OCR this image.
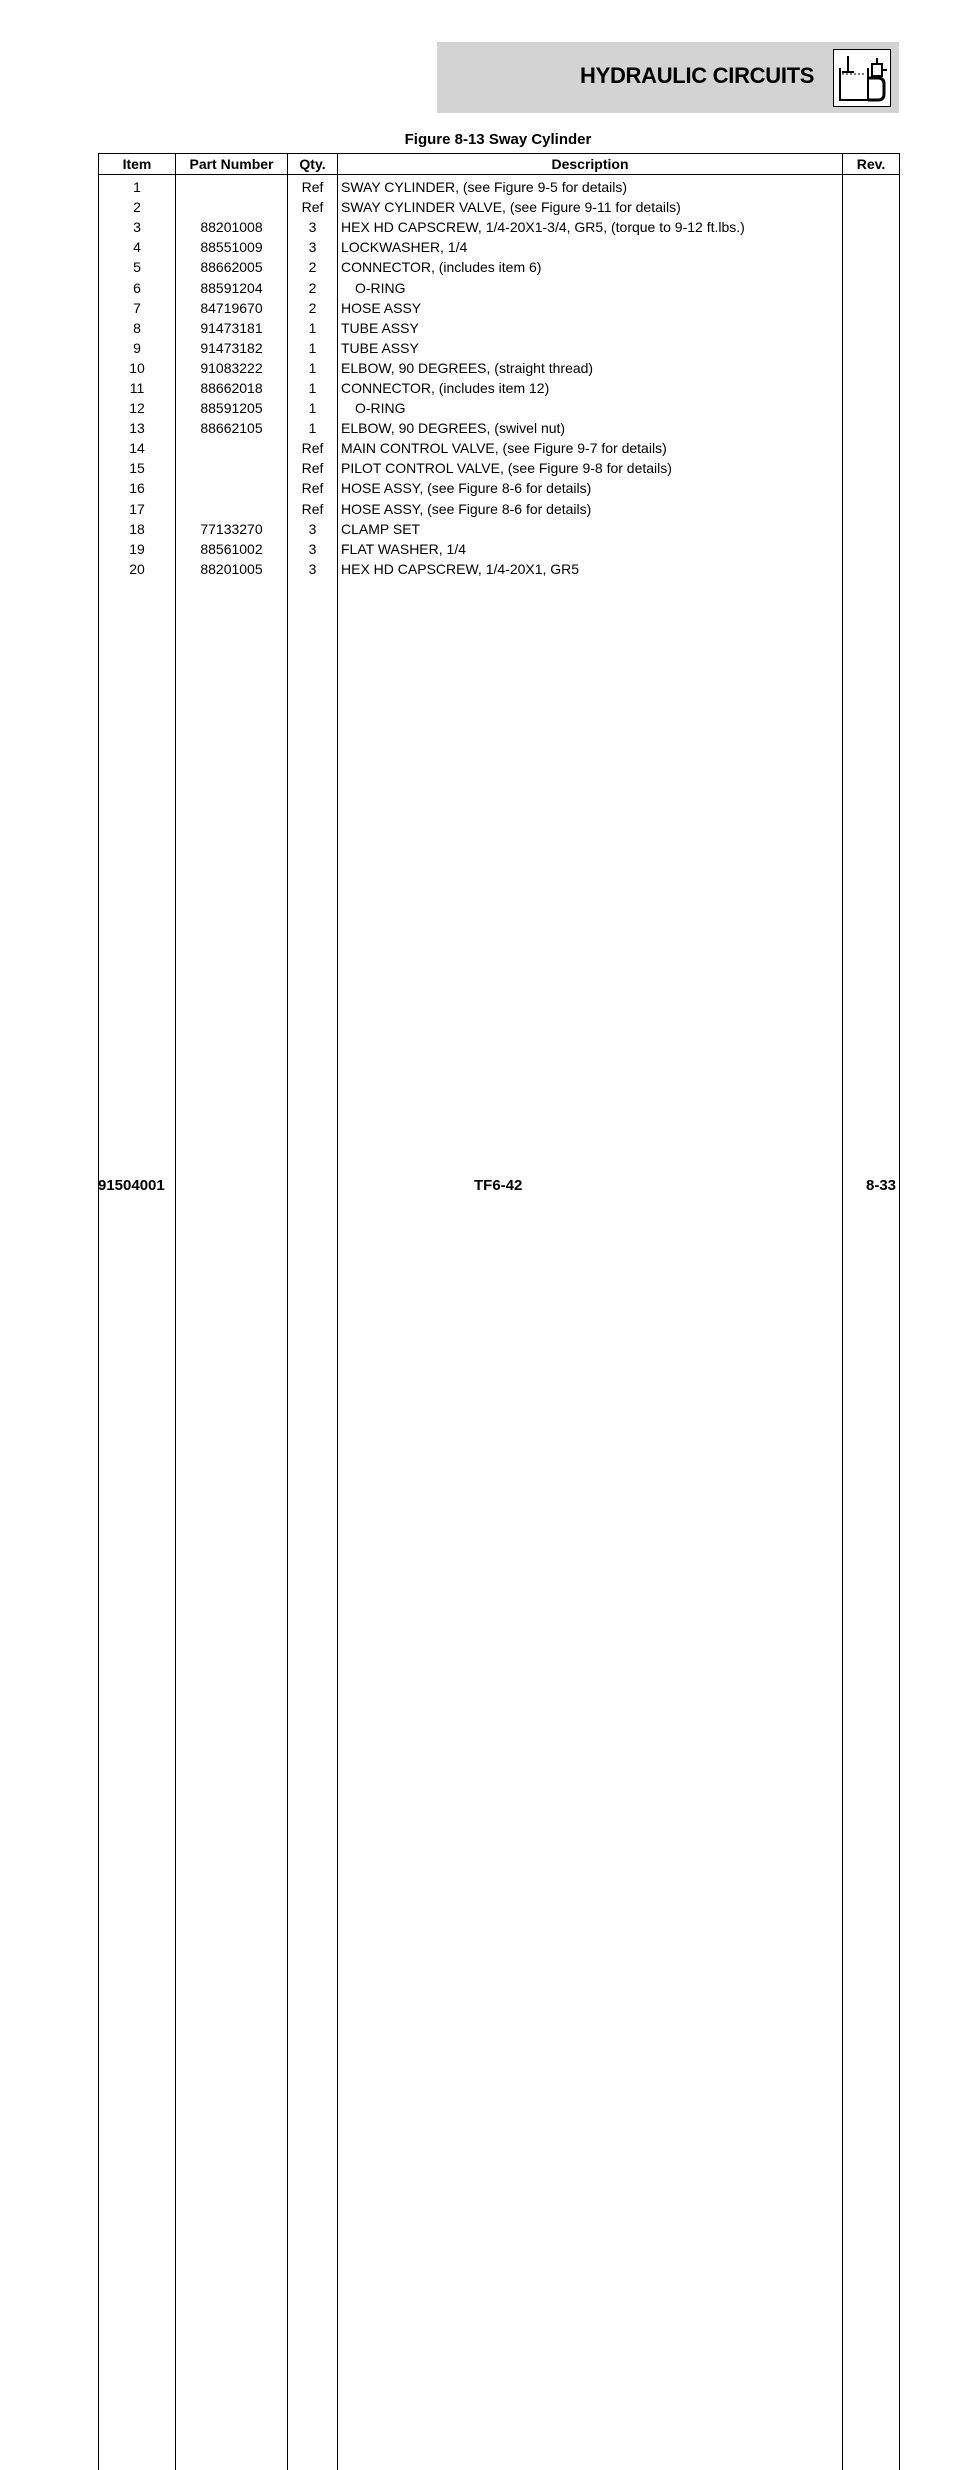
HYDRAULIC CIRCUITS
Figure 8-13 Sway Cylinder
Item	Part Number	Qty.	Description	Rev.
1		Ref	SWAY CYLINDER, (see Figure 9-5 for details)	
2		Ref	SWAY CYLINDER VALVE, (see Figure 9-11 for details)	
3	88201008	3	HEX HD CAPSCREW, 1/4-20X1-3/4, GR5, (torque to 9-12 ft.lbs.)	
4	88551009	3	LOCKWASHER, 1/4	
5	88662005	2	CONNECTOR, (includes item 6)	
6	88591204	2	O-RING	
7	84719670	2	HOSE ASSY	
8	91473181	1	TUBE ASSY	
9	91473182	1	TUBE ASSY	
10	91083222	1	ELBOW, 90 DEGREES, (straight thread)	
11	88662018	1	CONNECTOR, (includes item 12)	
12	88591205	1	O-RING	
13	88662105	1	ELBOW, 90 DEGREES, (swivel nut)	
14		Ref	MAIN CONTROL VALVE, (see Figure 9-7 for details)	
15		Ref	PILOT CONTROL VALVE, (see Figure 9-8 for details)	
16		Ref	HOSE ASSY, (see Figure 8-6 for details)	
17		Ref	HOSE ASSY, (see Figure 8-6 for details)	
18	77133270	3	CLAMP SET	
19	88561002	3	FLAT WASHER, 1/4	
20	88201005	3	HEX HD CAPSCREW, 1/4-20X1, GR5	

91504001	TF6-42	8-33
